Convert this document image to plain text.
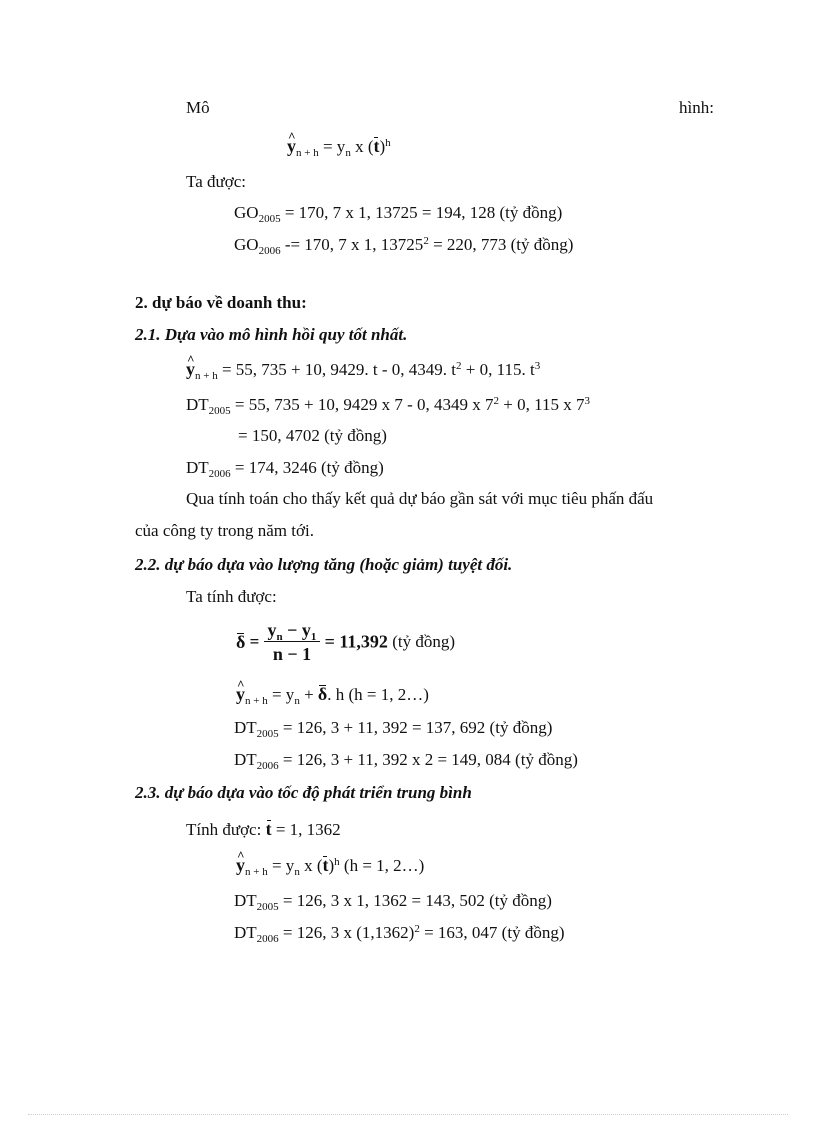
Mô	hình:
^ $y_{n + h} = y_n$ x $(t)^h$
Ta được:
$GO_{2005} = 170$, 7 x 1, 13725 = 194, 128 (tỷ đồng)
$GO_{2006} -= 170$, 7 x 1, $13725^2 = 220$, 773 (tỷ đồng)
2. dự báo về doanh thu:
2.1. Dựa vào mô hình hồi quy tốt nhất.
^ $y_{n + h} = 55$, 735 + 10, 9429. t - 0, 4349. $t^2 + 0$, 115. $t^3$
$DT_{2005} = 55$, 735 + 10, 9429 x 7 - 0, 4349 x $7^2 + 0$, 115 x $7^3$
= 150, 4702 (tỷ đồng)
$DT_{2006} = 174$, 3246 (tỷ đồng)
Qua tính toán cho thấy kết quả dự báo gần sát với mục tiêu phấn đấu
của công ty trong năm tới.
2.2. dự báo dựa vào lượng tăng (hoặc giảm) tuyệt đối.
Ta tính được:
$\delta = \frac{y_n - y_1}{n - 1} = 11,392$ (tỷ đồng)
^ $y_{n + h} = y_n + \delta$. h (h = 1, 2…)
$DT_{2005} = 126$, 3 + 11, 392 = 137, 692 (tỷ đồng)
$DT_{2006} = 126$, 3 + 11, 392 x 2 = 149, 084 (tỷ đồng)
2.3. dự báo dựa vào tốc độ phát triển trung bình
Tính được: t = 1, 1362
^ $y_{n + h} = y_n$ x $(t)^h$ (h = 1, 2…)
$DT_{2005} = 126$, 3 x 1, 1362 = 143, 502 (tỷ đồng)
$DT_{2006} = 126$, 3 x $(1,1362)^2 = 163$, 047 (tỷ đồng)
